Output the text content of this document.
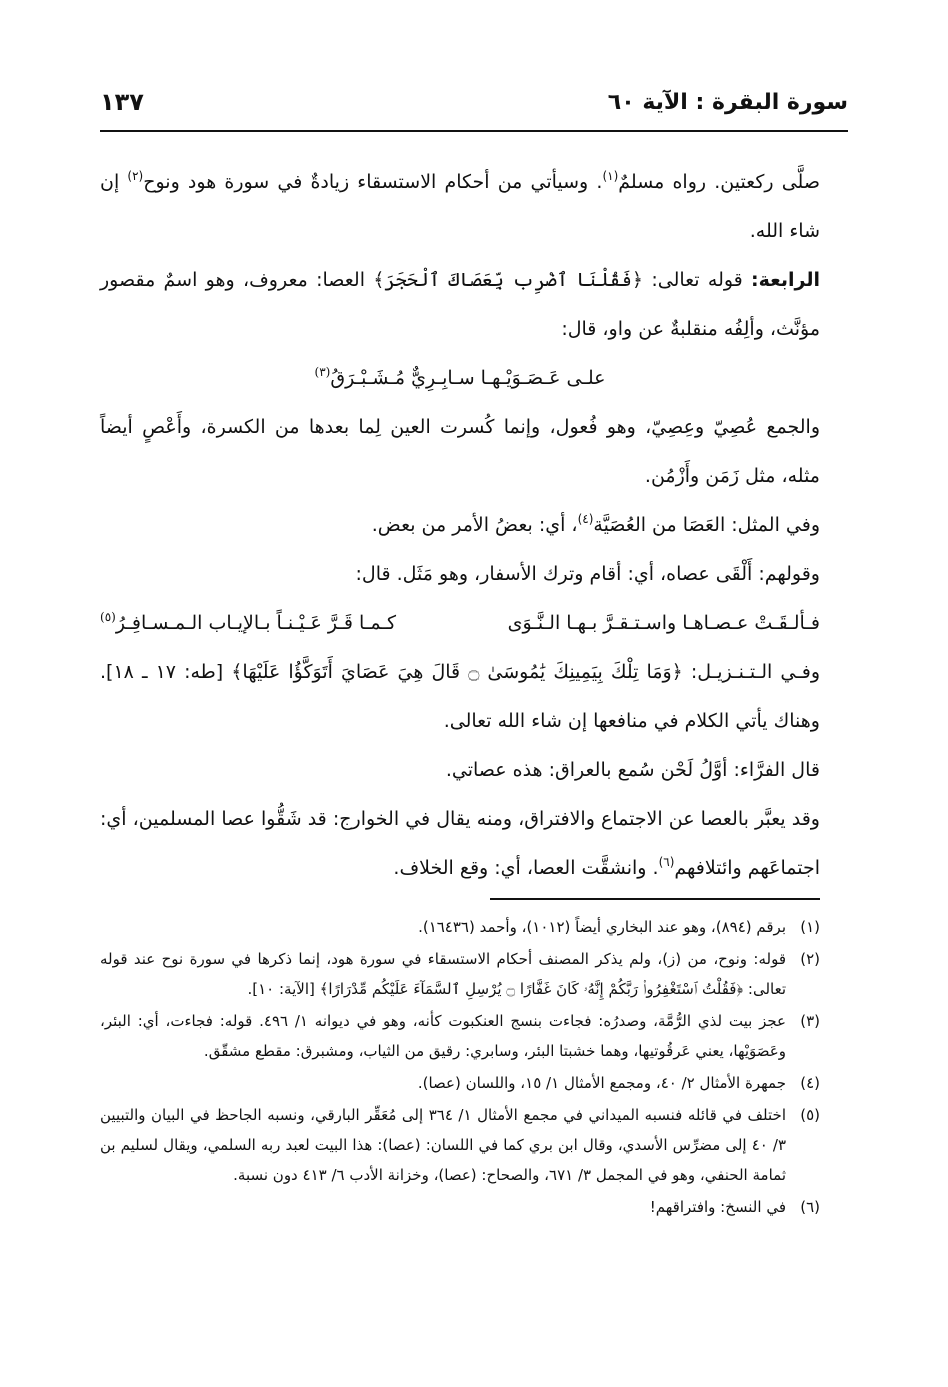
سورة البقرة : الآية ٦٠
١٣٧

صلَّى ركعتين. رواه مسلمٌ$^{(١)}$. وسيأتي من أحكام الاستسقاء زيادةٌ في سورة هود ونوح$^{(٢)}$ إن شاء الله.

الرابعة: قوله تعالى: ﴿فَقُلْنَا ٱضْرِب بِّعَصَاكَ ٱلْحَجَرَ﴾ العصا: معروف، وهو اسمٌ مقصور مؤنَّث، وألِفُه منقلبةٌ عن واو، قال:

علـى عَـصَـوَيْـهـا سـابِـرِيٌّ مُـشَـبْـرَقُ$^{(٣)}$

والجمع عُصِيّ وعِصِيّ، وهو فُعول، وإنما كُسرت العين لِما بعدها من الكسرة، وأَعْصٍ أيضاً مثله، مثل زَمَن وأَزْمُن.

وفي المثل: العَصَا من العُصَيَّة$^{(٤)}$، أي: بعضُ الأمر من بعض.

وقولهم: أَلْقَى عصاه، أي: أقام وترك الأسفار، وهو مَثَل. قال:

فـألـقَـتْ عـصـاهـا واسـتـقـرَّ بـهـا الـنَّـوَى
كـمـا قَـرَّ عَـيْـنـاً بـالإيـاب الـمـسـافِـرُ$^{(٥)}$

وفـي الـتـنـزيـل: ﴿وَمَا تِلْكَ بِيَمِينِكَ يَٰمُوسَىٰ ۝ قَالَ هِيَ عَصَايَ أَتَوَكَّؤُا عَلَيْهَا﴾ [طه: ١٧ ـ ١٨]. وهناك يأتي الكلام في منافعها إن شاء الله تعالى.

قال الفرَّاء: أوَّلُ لَحْن سُمع بالعراق: هذه عصاتي.

وقد يعبَّر بالعصا عن الاجتماع والافتراق، ومنه يقال في الخوارج: قد شَقُّوا عصا المسلمين، أي: اجتماعَهم وائتلافهم$^{(٦)}$. وانشقَّت العصا، أي: وقع الخلاف.

(١)
برقم (٨٩٤)، وهو عند البخاري أيضاً (١٠١٢)، وأحمد (١٦٤٣٦).
(٢)
قوله: ونوح، من (ز)، ولم يذكر المصنف أحكام الاستسقاء في سورة هود، إنما ذكرها في سورة نوح عند قوله تعالى: ﴿فَقُلْتُ ٱسْتَغْفِرُوا۟ رَبَّكُمْ إِنَّهُۥ كَانَ غَفَّارًا ۝ يُرْسِلِ ٱلسَّمَآءَ عَلَيْكُم مِّدْرَارًا﴾ [الآية: ١٠].
(٣)
عجز بيت لذي الرُّمَّة، وصدرُه: فجاءت بنسج العنكبوت كأنه، وهو في ديوانه ١/ ٤٩٦. قوله: فجاءت، أي: البئر، وعَصَوَيْها، يعني عَرقُوتيها، وهما خشبتا البئر، وسابري: رقيق من الثياب، ومشبرق: مقطع مشقّق.
(٤)
جمهرة الأمثال ٢/ ٤٠، ومجمع الأمثال ١/ ١٥، واللسان (عصا).
(٥)
اختلف في قائله فنسبه الميداني في مجمع الأمثال ١/ ٣٦٤ إلى مُعَقِّر البارقي، ونسبه الجاحظ في البيان والتبيين ٣/ ٤٠ إلى مضرِّس الأسدي، وقال ابن بري كما في اللسان: (عصا): هذا البيت لعبد ربه السلمي، ويقال لسليم بن ثمامة الحنفي، وهو في المجمل ٣/ ٦٧١، والصحاح: (عصا)، وخزانة الأدب ٦/ ٤١٣ دون نسبة.
(٦)
في النسخ: وافتراقهم!
